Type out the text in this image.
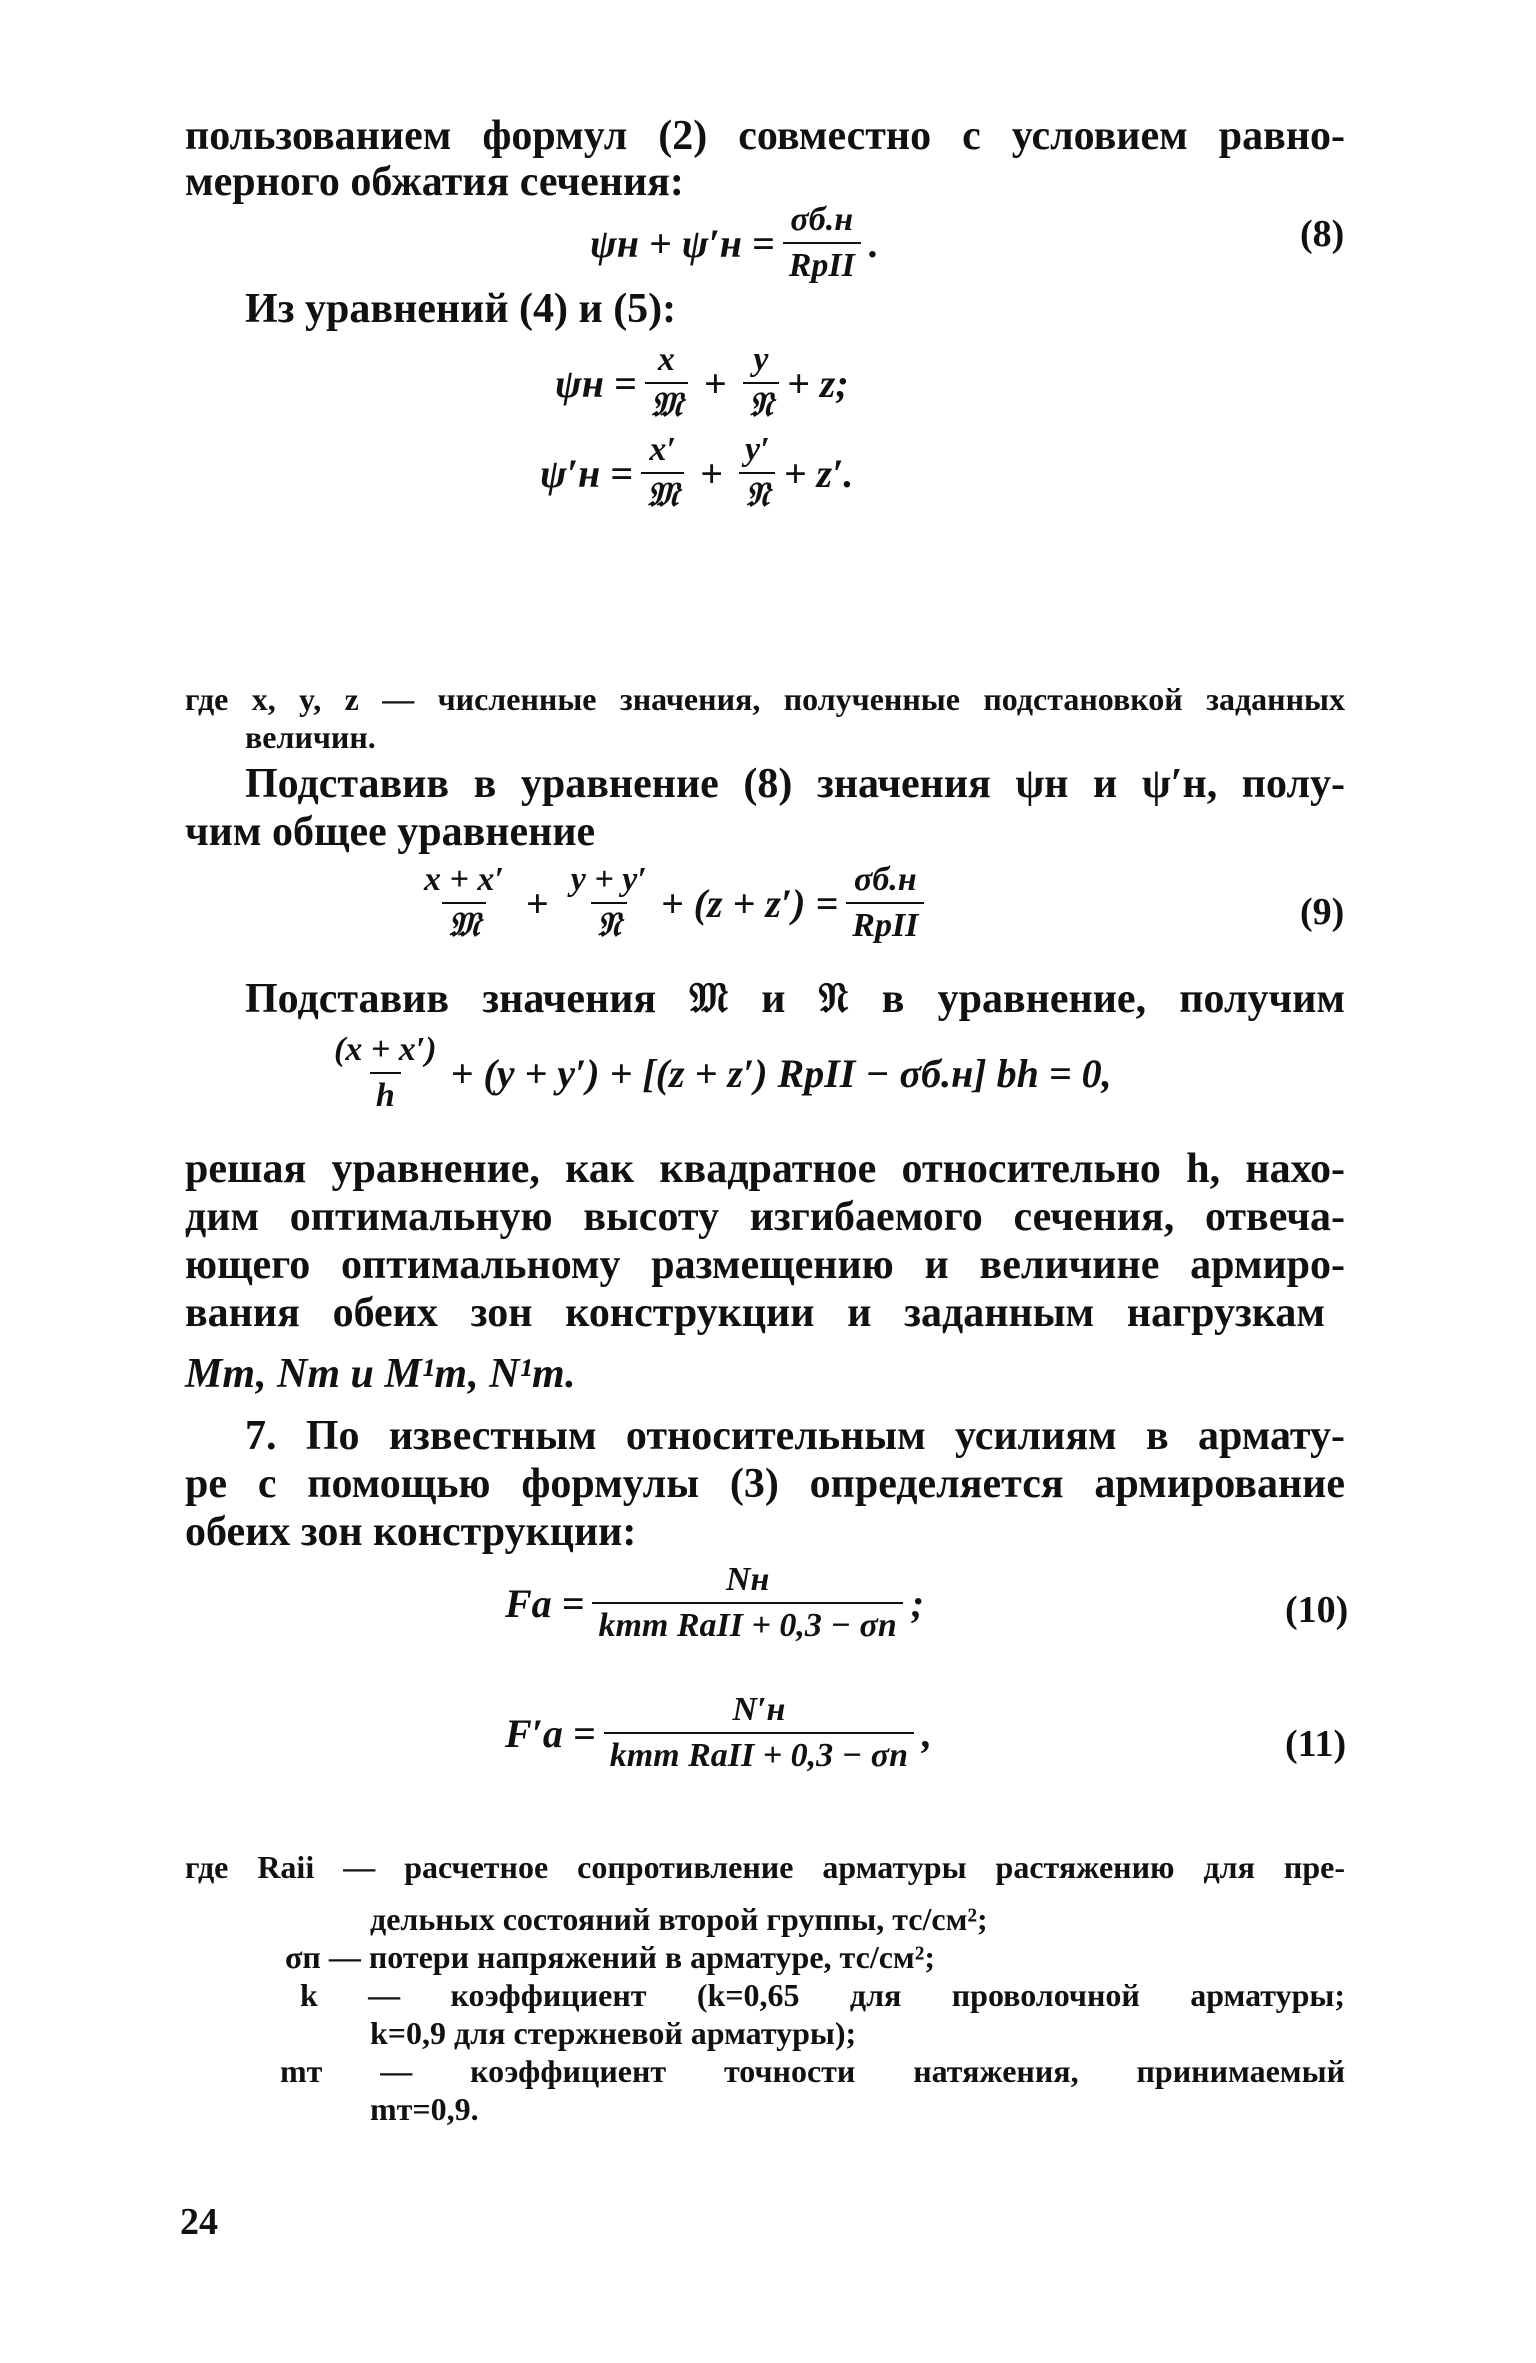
пользованием формул (2) совместно с условием равно-
мерного обжатия сечения:
$\psi н + \psi'н = \frac{\sigma б.н}{\text{RpII}}$ .	(8)
Из уравнений (4) и (5):
$\psi н = \frac{x}{\text{𝔐}} + \frac{y}{\text{𝔑}} + z$;
$\psi'н = \frac{x'}{\text{𝔐}} + \frac{y'}{\text{𝔑}} + z'$.
где x, y, z — численные значения, полученные подстановкой заданных
величин.
Подставив в уравнение (8) значения ψн и ψ′н, полу-
чим общее уравнение
$\frac{x + x'}{\text{𝔐}} + \frac{y + y'}{\text{𝔑}} + (z + z') = \frac{\sigma б.н}{\text{RpII}}$	(9)
Подставив значения 𝔐 и 𝔑 в уравнение, получим
$\frac{(x + x')}{h} + (y + y') + [(z + z')$ RpII − σб.н] bh = 0,
решая уравнение, как квадратное относительно h, нахо-
дим оптимальную высоту изгибаемого сечения, отвеча-
ющего оптимальному размещению и величине армиро-
вания обеих зон конструкции и заданным нагрузкам
Mт, Nт и M¹т, N¹т.
7. По известным относительным усилиям в армату-
ре с помощью формулы (3) определяется армирование
обеих зон конструкции:
$Fa = \frac{Nн}{\text{kmт RaII + 0,3 − σп}}$ ;	(10)
$F'a = \frac{N'н}{\text{kmт RaII + 0,3 − σп}}$ ,	(11)
где Raii — расчетное сопротивление арматуры растяжению для пре-
дельных состояний второй группы, тс/см²;
σп — потери напряжений в арматуре, тс/см²;
k — коэффициент (k=0,65 для проволочной арматуры;
k=0,9 для стержневой арматуры);
mт — коэффициент точности натяжения, принимаемый
mт=0,9.
24
